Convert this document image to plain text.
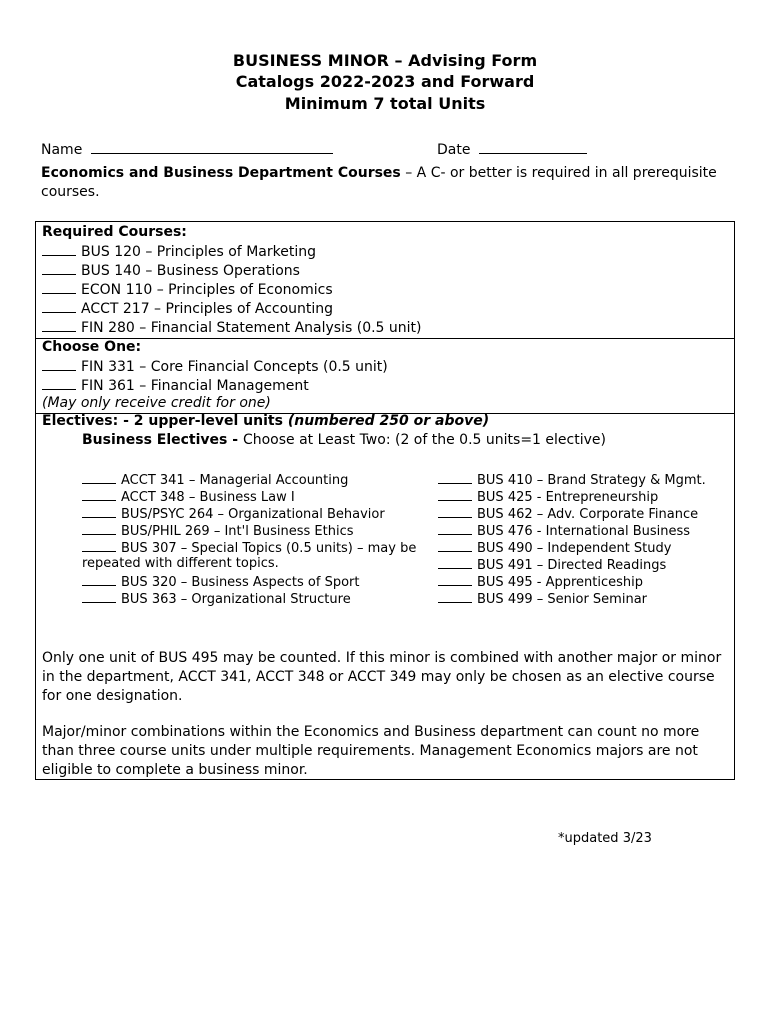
BUSINESS MINOR – Advising Form
Catalogs 2022-2023 and Forward
Minimum 7 total Units
Name	Date
Economics and Business Department Courses – A C- or better is required in all prerequisite courses.
Required Courses:
BUS 120 – Principles of Marketing
BUS 140 – Business Operations
ECON 110 – Principles of Economics
ACCT 217 – Principles of Accounting
FIN 280 – Financial Statement Analysis (0.5 unit)
Choose One:
FIN 331 – Core Financial Concepts (0.5 unit)
FIN 361 – Financial Management
(May only receive credit for one)
Electives: - 2 upper-level units (numbered 250 or above)
Business Electives - Choose at Least Two: (2 of the 0.5 units=1 elective)
ACCT 341 – Managerial Accounting
ACCT 348 – Business Law I
BUS/PSYC 264 – Organizational Behavior
BUS/PHIL 269 – Int'l Business Ethics
BUS 307 – Special Topics (0.5 units) – may be
repeated with different topics.
BUS 320 – Business Aspects of Sport
BUS 363 – Organizational Structure
BUS 410 – Brand Strategy & Mgmt.
BUS 425 - Entrepreneurship
BUS 462 – Adv. Corporate Finance
BUS 476 - International Business
BUS 490 – Independent Study
BUS 491 – Directed Readings
BUS 495 - Apprenticeship
BUS 499 – Senior Seminar
Only one unit of BUS 495 may be counted. If this minor is combined with another major or minor in the department, ACCT 341, ACCT 348 or ACCT 349 may only be chosen as an elective course for one designation.
Major/minor combinations within the Economics and Business department can count no more than three course units under multiple requirements. Management Economics majors are not eligible to complete a business minor.
*updated 3/23
